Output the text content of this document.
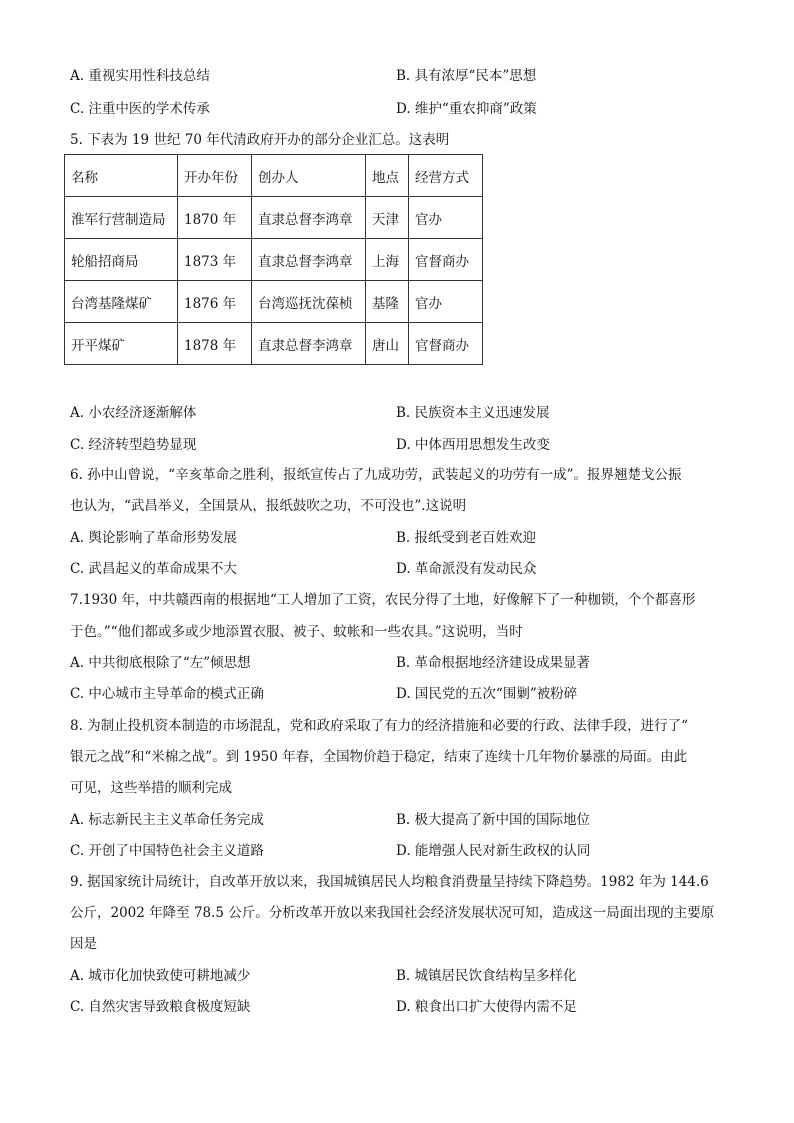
A. 重视实用性科技总结	B. 具有浓厚“民本”思想
C. 注重中医的学术传承	D. 维护“重农抑商”政策
5. 下表为 19 世纪 70 年代清政府开办的部分企业汇总。这表明
名称	开办年份	创办人	地点	经营方式
淮军行营制造局	1870 年	直隶总督李鸿章	天津	官办
轮船招商局	1873 年	直隶总督李鸿章	上海	官督商办
台湾基隆煤矿	1876 年	台湾巡抚沈葆桢	基隆	官办
开平煤矿	1878 年	直隶总督李鸿章	唐山	官督商办
A. 小农经济逐渐解体	B. 民族资本主义迅速发展
C. 经济转型趋势显现	D. 中体西用思想发生改变
6. 孙中山曾说，“辛亥革命之胜利，报纸宣传占了九成功劳，武装起义的功劳有一成”。报界翘楚戈公振
也认为，“武昌举义，全国景从，报纸鼓吹之功，不可没也”.这说明
A. 舆论影响了革命形势发展	B. 报纸受到老百姓欢迎
C. 武昌起义的革命成果不大	D. 革命派没有发动民众
7.1930 年，中共赣西南的根据地“工人增加了工资，农民分得了土地，好像解下了一种枷锁，个个都喜形
于色。”“他们都或多或少地添置衣服、被子、蚊帐和一些农具。”这说明，当时
A. 中共彻底根除了“左”倾思想	B. 革命根据地经济建设成果显著
C. 中心城市主导革命的模式正确	D. 国民党的五次“围剿”被粉碎
8. 为制止投机资本制造的市场混乱，党和政府采取了有力的经济措施和必要的行政、法律手段，进行了“
银元之战”和“米棉之战”。到 1950 年春，全国物价趋于稳定，结束了连续十几年物价暴涨的局面。由此
可见，这些举措的顺利完成
A. 标志新民主主义革命任务完成	B. 极大提高了新中国的国际地位
C. 开创了中国特色社会主义道路	D. 能增强人民对新生政权的认同
9. 据国家统计局统计，自改革开放以来，我国城镇居民人均粮食消费量呈持续下降趋势。1982 年为 144.6
公斤，2002 年降至 78.5 公斤。分析改革开放以来我国社会经济发展状况可知，造成这一局面出现的主要原
因是
A. 城市化加快致使可耕地减少	B. 城镇居民饮食结构呈多样化
C. 自然灾害导致粮食极度短缺	D. 粮食出口扩大使得内需不足
